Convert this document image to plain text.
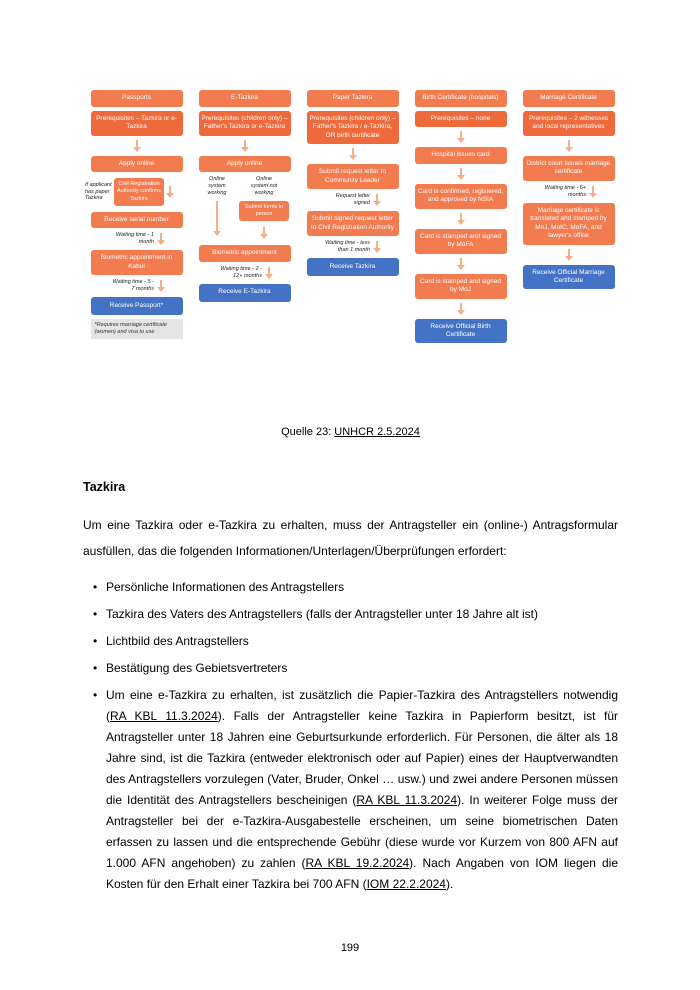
Passports
Prerequisites – Tazkira or e-Tazkira
Apply online
If applicant has paper Tazkira
Civil Registration Authority confirms Tazkira
Receive serial number
Waiting time - 1 month
Biometric appointment in Kabul
Waiting time - 5 - 7 months
Receive Passport*
*Requires marriage certificate (women) and visa to use
E-Tazkira
Prerequisites (children only) – Father's Tazkira or e-Tazkira
Apply online
Online system working
Online system not working
Submit forms in person
Biometric appointment
Waiting time - 2 - 12+ months
Receive E-Tazkira
Paper Tazkira
Prerequisites (children only) – Father's Tazkira / e-Tazkira, OR birth certificate
Submit request letter to Community Leader
Request letter signed
Submit signed request letter to Civil Registration Authority
Waiting time - less than 1 month
Receive Tazkira
Birth Certificate (hospitals)
Prerequisites – none
Hospital issues card
Card is confirmed, registered, and approved by NSIA
Card is stamped and signed by MoFA
Card is stamped and signed by MoJ
Receive Official Birth Certificate
Marriage Certificate
Prerequisites – 2 witnesses and local representatives
District court issues marriage certificate
Waiting time - 6+ months
Marriage certificate is translated and stamped by MoJ, MoIC, MoFA, and lawyer's office
Receive Official Marriage Certificate
Quelle 23: UNHCR 2.5.2024
Tazkira

Um eine Tazkira oder e-Tazkira zu erhalten, muss der Antragsteller ein (online-) Antragsformular ausfüllen, das die folgenden Informationen/Unterlagen/Überprüfungen erfordert:

• Persönliche Informationen des Antragstellers
• Tazkira des Vaters des Antragstellers (falls der Antragsteller unter 18 Jahre alt ist)
• Lichtbild des Antragstellers
• Bestätigung des Gebietsvertreters
• Um eine e-Tazkira zu erhalten, ist zusätzlich die Papier-Tazkira des Antragstellers notwendig (RA KBL 11.3.2024). Falls der Antragsteller keine Tazkira in Papierform besitzt, ist für Antragsteller unter 18 Jahren eine Geburtsurkunde erforderlich. Für Personen, die älter als 18 Jahre sind, ist die Tazkira (entweder elektronisch oder auf Papier) eines der Hauptverwandten des Antragstellers vorzulegen (Vater, Bruder, Onkel … usw.) und zwei andere Personen müssen die Identität des Antragstellers bescheinigen (RA KBL 11.3.2024). In weiterer Folge muss der Antragsteller bei der e-Tazkira-Ausgabestelle erscheinen, um seine biometrischen Daten erfassen zu lassen und die entsprechende Gebühr (diese wurde vor Kurzem von 800 AFN auf 1.000 AFN angehoben) zu zahlen (RA KBL 19.2.2024). Nach Angaben von IOM liegen die Kosten für den Erhalt einer Tazkira bei 700 AFN (IOM 22.2.2024).
199
